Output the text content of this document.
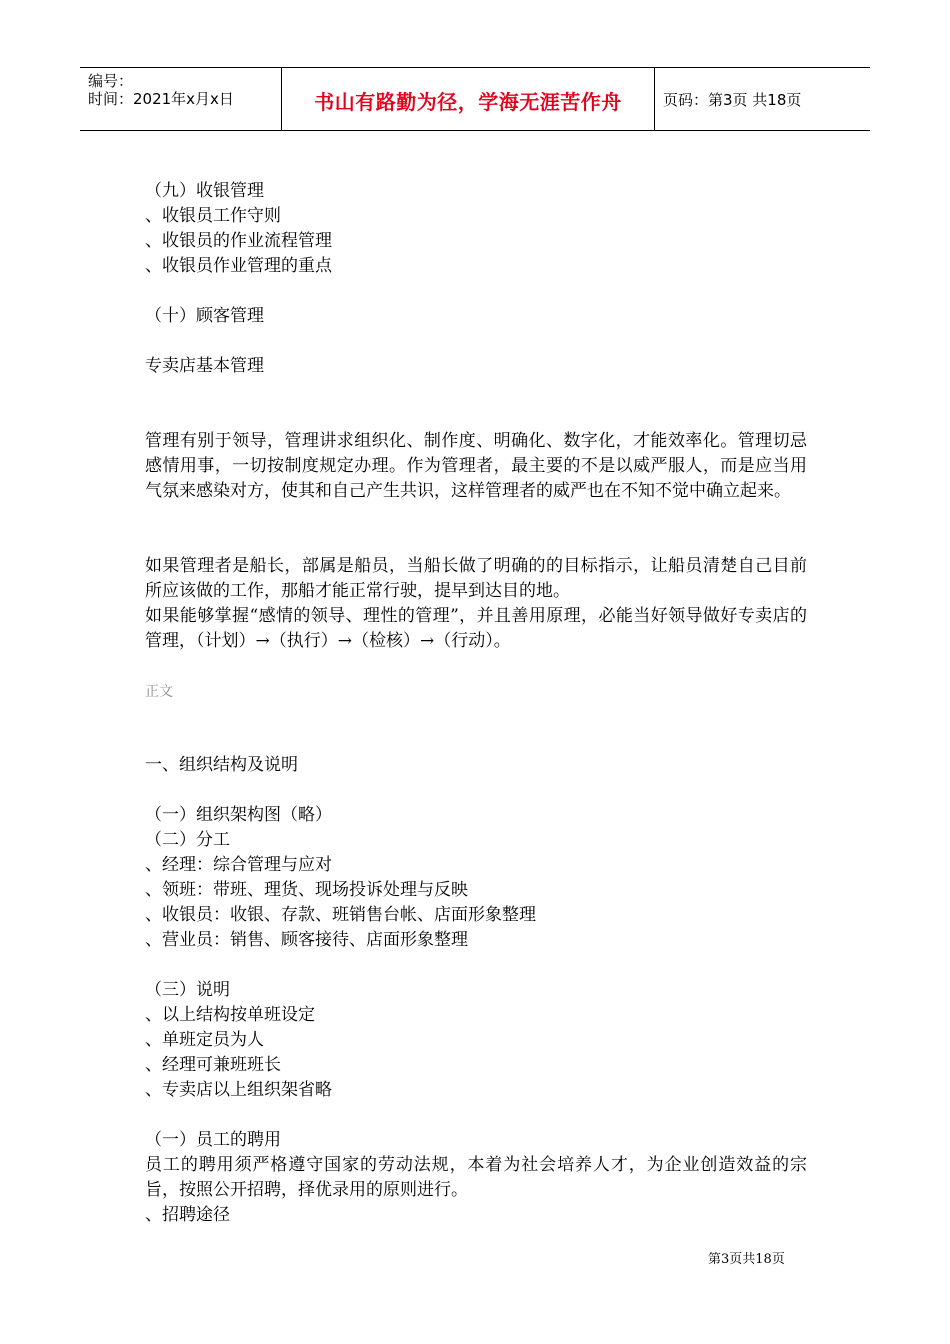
编号：
时间：2021年x月x日	书山有路勤为径，学海无涯苦作舟	页码：第3页 共18页
（九）收银管理
、收银员工作守则
、收银员的作业流程管理
、收银员作业管理的重点
（十）顾客管理
专卖店基本管理
管理有别于领导，管理讲求组织化、制作度、明确化、数字化，才能效率化。管理切忌感情用事，一切按制度规定办理。作为管理者，最主要的不是以威严服人，而是应当用气氛来感染对方，使其和自己产生共识，这样管理者的威严也在不知不觉中确立起来。
如果管理者是船长，部属是船员，当船长做了明确的的目标指示，让船员清楚自己目前所应该做的工作，那船才能正常行驶，提早到达目的地。
如果能够掌握“感情的领导、理性的管理”，并且善用原理，必能当好领导做好专卖店的管理，（计划）→（执行）→（检核）→（行动）。
正文
一、组织结构及说明
（一）组织架构图（略）
（二）分工
、经理：综合管理与应对
、领班：带班、理货、现场投诉处理与反映
、收银员：收银、存款、班销售台帐、店面形象整理
、营业员：销售、顾客接待、店面形象整理
（三）说明
、以上结构按单班设定
、单班定员为人
、经理可兼班班长
、专卖店以上组织架省略
（一）员工的聘用
员工的聘用须严格遵守国家的劳动法规，本着为社会培养人才，为企业创造效益的宗旨，按照公开招聘，择优录用的原则进行。
、招聘途径
第3页共18页
